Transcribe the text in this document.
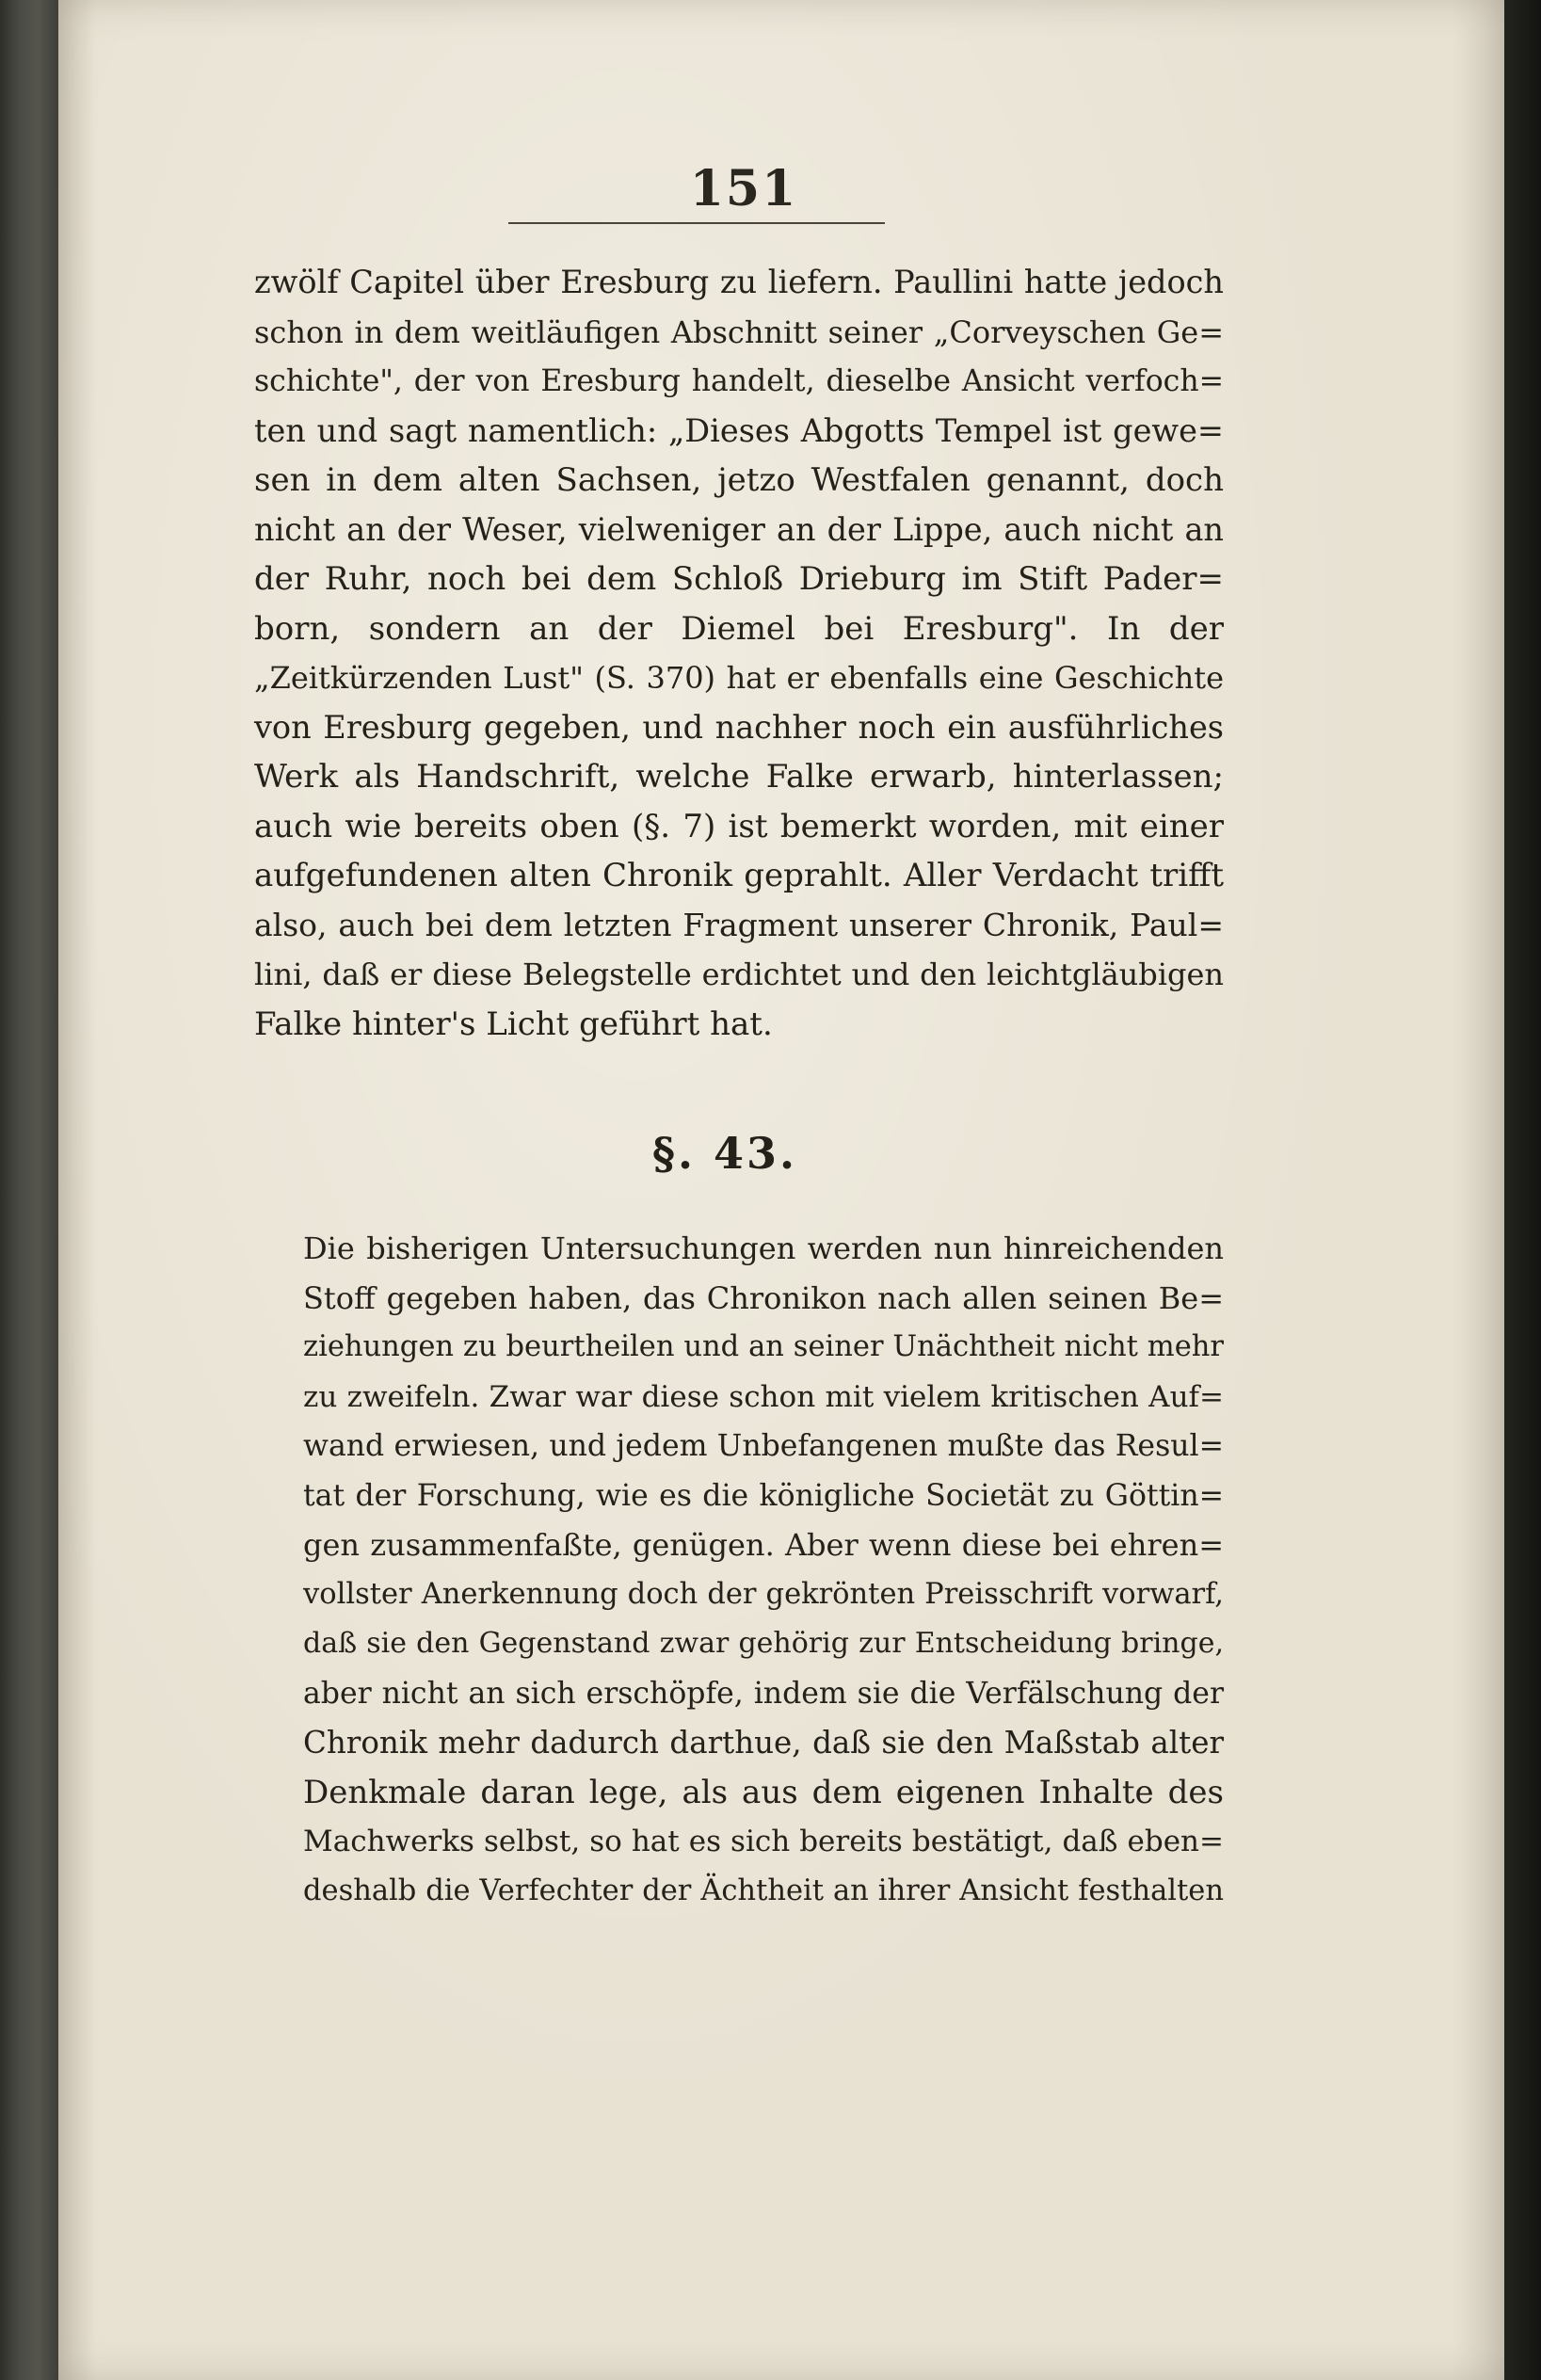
151
zwölf Capitel über Eresburg zu liefern. Paullini hatte jedoch
schon in dem weitläufigen Abschnitt seiner „Corveyschen Ge=
schichte", der von Eresburg handelt, dieselbe Ansicht verfoch=
ten und sagt namentlich: „Dieses Abgotts Tempel ist gewe=
sen in dem alten Sachsen, jetzo Westfalen genannt, doch
nicht an der Weser, vielweniger an der Lippe, auch nicht an
der Ruhr, noch bei dem Schloß Drieburg im Stift Pader=
born, sondern an der Diemel bei Eresburg". In der
„Zeitkürzenden Lust" (S. 370) hat er ebenfalls eine Geschichte
von Eresburg gegeben, und nachher noch ein ausführliches
Werk als Handschrift, welche Falke erwarb, hinterlassen;
auch wie bereits oben (§. 7) ist bemerkt worden, mit einer
aufgefundenen alten Chronik geprahlt. Aller Verdacht trifft
also, auch bei dem letzten Fragment unserer Chronik, Paul=
lini, daß er diese Belegstelle erdichtet und den leichtgläubigen
Falke hinter's Licht geführt hat.
§. 43.
Die bisherigen Untersuchungen werden nun hinreichenden
Stoff gegeben haben, das Chronikon nach allen seinen Be=
ziehungen zu beurtheilen und an seiner Unächtheit nicht mehr
zu zweifeln. Zwar war diese schon mit vielem kritischen Auf=
wand erwiesen, und jedem Unbefangenen mußte das Resul=
tat der Forschung, wie es die königliche Societät zu Göttin=
gen zusammenfaßte, genügen. Aber wenn diese bei ehren=
vollster Anerkennung doch der gekrönten Preisschrift vorwarf,
daß sie den Gegenstand zwar gehörig zur Entscheidung bringe,
aber nicht an sich erschöpfe, indem sie die Verfälschung der
Chronik mehr dadurch darthue, daß sie den Maßstab alter
Denkmale daran lege, als aus dem eigenen Inhalte des
Machwerks selbst, so hat es sich bereits bestätigt, daß eben=
deshalb die Verfechter der Ächtheit an ihrer Ansicht festhalten
